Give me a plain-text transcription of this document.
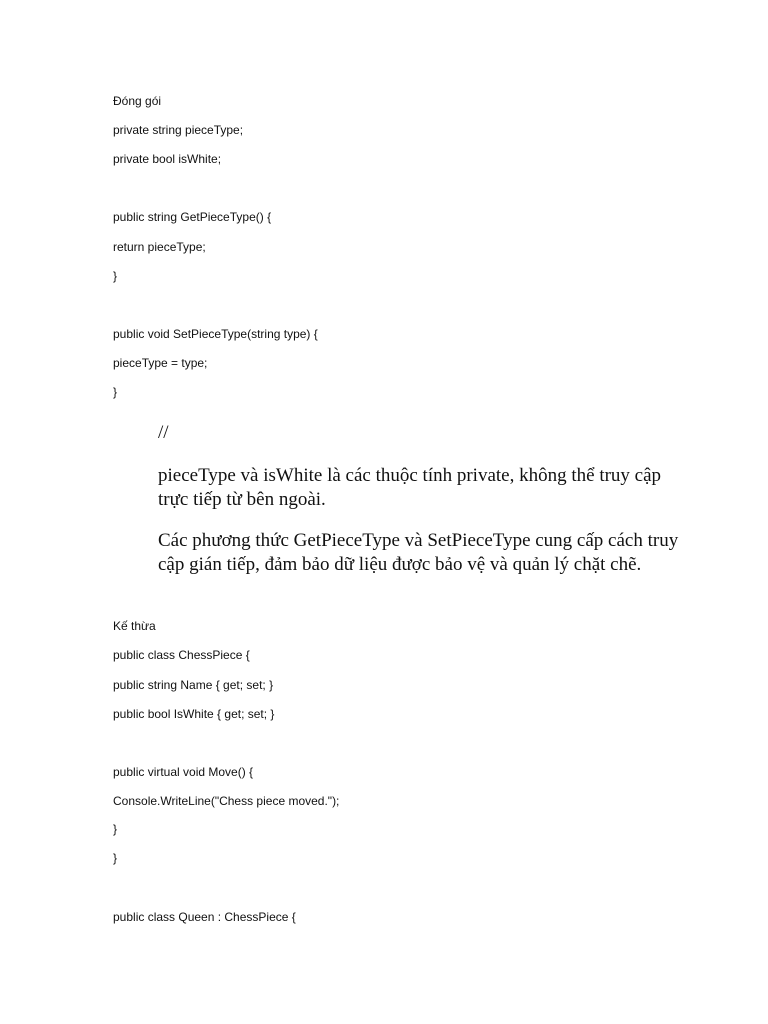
Đóng gói
private string pieceType;
private bool isWhite;
public string GetPieceType() {
return pieceType;
}
public void SetPieceType(string type) {
pieceType = type;
}
//
pieceType và isWhite là các thuộc tính private, không thể truy cập trực tiếp từ bên ngoài.
Các phương thức GetPieceType và SetPieceType cung cấp cách truy cập gián tiếp, đảm bảo dữ liệu được bảo vệ và quản lý chặt chẽ.
Kế thừa
public class ChessPiece {
public string Name { get; set; }
public bool IsWhite { get; set; }
public virtual void Move() {
Console.WriteLine("Chess piece moved.");
}
}
public class Queen : ChessPiece {
